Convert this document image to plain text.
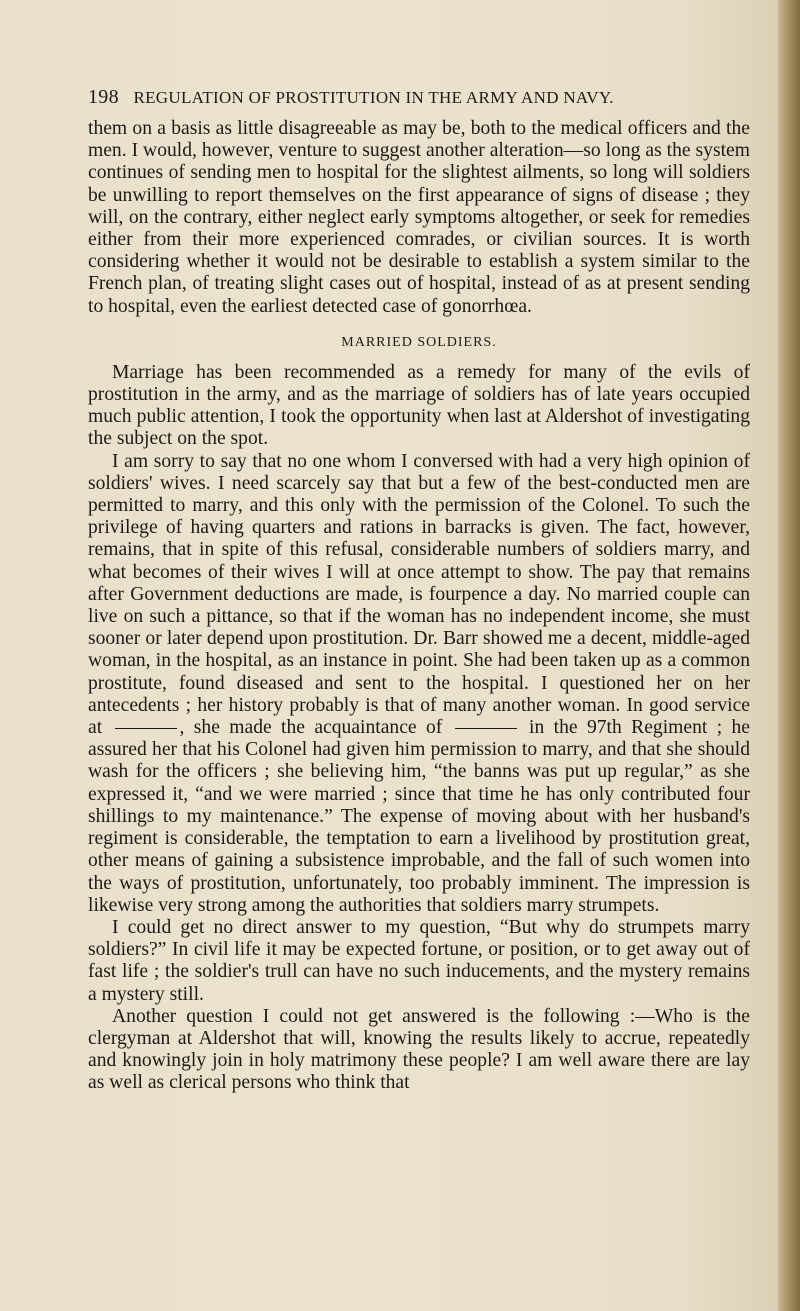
198 REGULATION OF PROSTITUTION IN THE ARMY AND NAVY.

them on a basis as little disagreeable as may be, both to the medical officers and the men. I would, however, venture to suggest another alteration—so long as the system continues of sending men to hospital for the slightest ailments, so long will soldiers be unwilling to report themselves on the first appearance of signs of disease ; they will, on the contrary, either neglect early symptoms altogether, or seek for remedies either from their more experienced comrades, or civilian sources. It is worth considering whether it would not be desirable to establish a system similar to the French plan, of treating slight cases out of hospital, instead of as at present sending to hospital, even the earliest detected case of gonorrhœa.

MARRIED SOLDIERS.

Marriage has been recommended as a remedy for many of the evils of prostitution in the army, and as the marriage of soldiers has of late years occupied much public attention, I took the opportunity when last at Aldershot of investigating the subject on the spot.

I am sorry to say that no one whom I conversed with had a very high opinion of soldiers' wives. I need scarcely say that but a few of the best-conducted men are permitted to marry, and this only with the permission of the Colonel. To such the privilege of having quarters and rations in barracks is given. The fact, however, remains, that in spite of this refusal, considerable numbers of soldiers marry, and what becomes of their wives I will at once attempt to show. The pay that remains after Government deductions are made, is fourpence a day. No married couple can live on such a pittance, so that if the woman has no independent income, she must sooner or later depend upon prostitution. Dr. Barr showed me a decent, middle-aged woman, in the hospital, as an instance in point. She had been taken up as a common prostitute, found diseased and sent to the hospital. I questioned her on her antecedents ; her history probably is that of many another woman. In good service at	, she made the acquaintance of	in the 97th Regiment ; he assured her that his Colonel had given him permission to marry, and that she should wash for the officers ; she believing him, “the banns was put up regular,” as she expressed it, “and we were married ; since that time he has only contributed four shillings to my maintenance.” The expense of moving about with her husband's regiment is considerable, the temptation to earn a livelihood by prostitution great, other means of gaining a subsistence improbable, and the fall of such women into the ways of prostitution, unfortunately, too probably imminent. The impression is likewise very strong among the authorities that soldiers marry strumpets.

I could get no direct answer to my question, “But why do strumpets marry soldiers?” In civil life it may be expected fortune, or position, or to get away out of fast life ; the soldier's trull can have no such inducements, and the mystery remains a mystery still.

Another question I could not get answered is the following :—Who is the clergyman at Aldershot that will, knowing the results likely to accrue, repeatedly and knowingly join in holy matrimony these people? I am well aware there are lay as well as clerical persons who think that
